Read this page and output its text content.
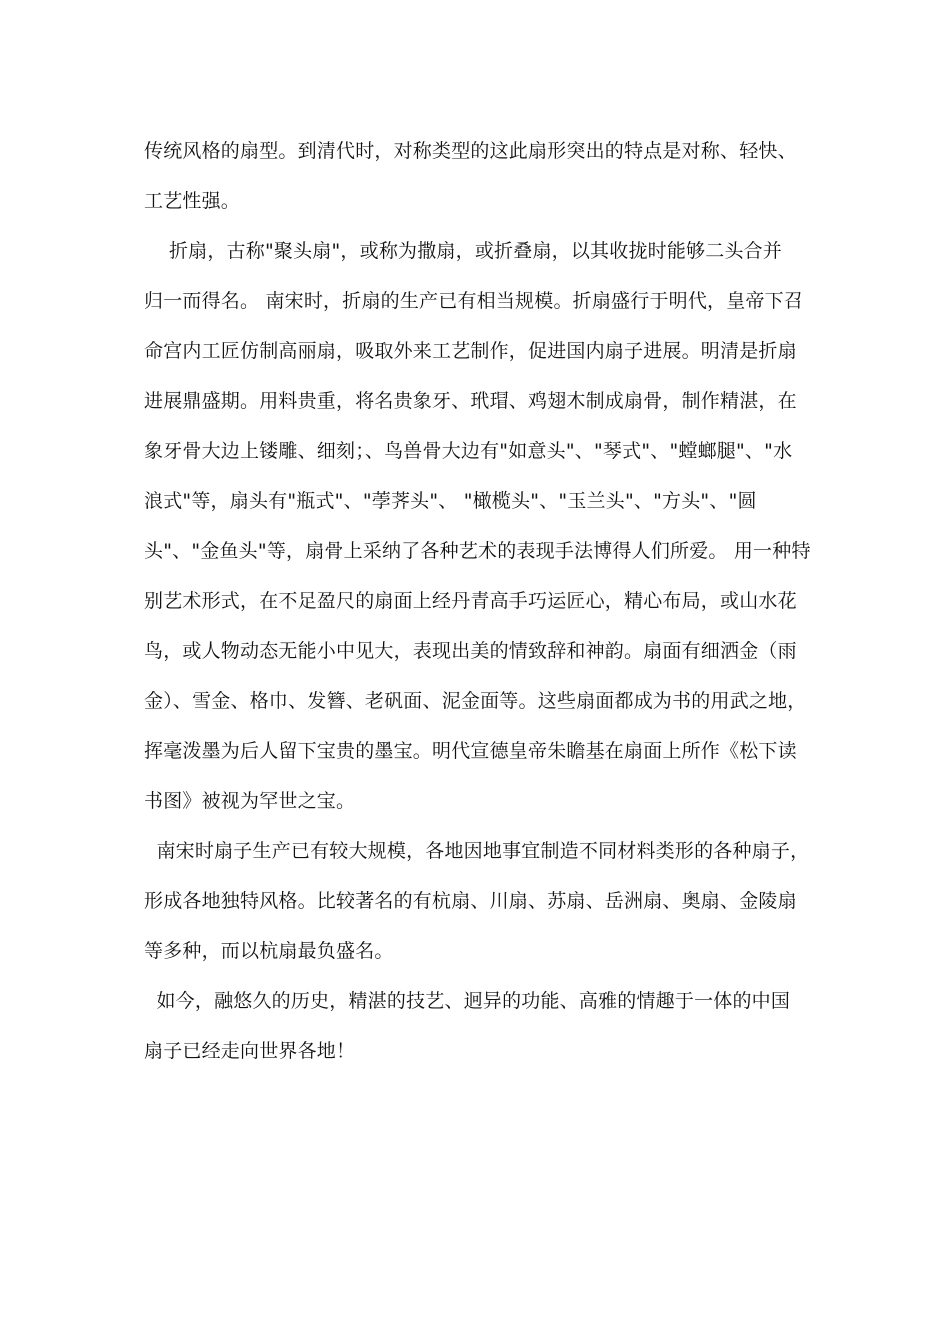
传统风格的扇型。到清代时，对称类型的这此扇形突出的特点是对称、轻快、
工艺性强。
折扇，古称"聚头扇"，或称为撒扇，或折叠扇，以其收拢时能够二头合并
归一而得名。 南宋时，折扇的生产已有相当规模。折扇盛行于明代，皇帝下召
命宫内工匠仿制高丽扇，吸取外来工艺制作，促进国内扇子进展。明清是折扇
进展鼎盛期。用料贵重，将名贵象牙、玳瑁、鸡翅木制成扇骨，制作精湛，在
象牙骨大边上镂雕、细刻；、鸟兽骨大边有"如意头"、"琴式"、"螳螂腿"、"水
浪式"等，扇头有"瓶式"、"荸荠头"、 "橄榄头"、"玉兰头"、"方头"、"圆
头"、"金鱼头"等，扇骨上采纳了各种艺术的表现手法博得人们所爱。 用一种特
别艺术形式，在不足盈尺的扇面上经丹青高手巧运匠心，精心布局，或山水花
鸟，或人物动态无能小中见大，表现出美的情致辞和神韵。扇面有细洒金（雨
金）、雪金、格巾、发簪、老矾面、泥金面等。这些扇面都成为书的用武之地，
挥毫泼墨为后人留下宝贵的墨宝。明代宣德皇帝朱瞻基在扇面上所作《松下读
书图》被视为罕世之宝。
南宋时扇子生产已有较大规模，各地因地事宜制造不同材料类形的各种扇子，
形成各地独特风格。比较著名的有杭扇、川扇、苏扇、岳洲扇、奥扇、金陵扇
等多种，而以杭扇最负盛名。
如今，融悠久的历史，精湛的技艺、迥异的功能、高雅的情趣于一体的中国
扇子已经走向世界各地！
